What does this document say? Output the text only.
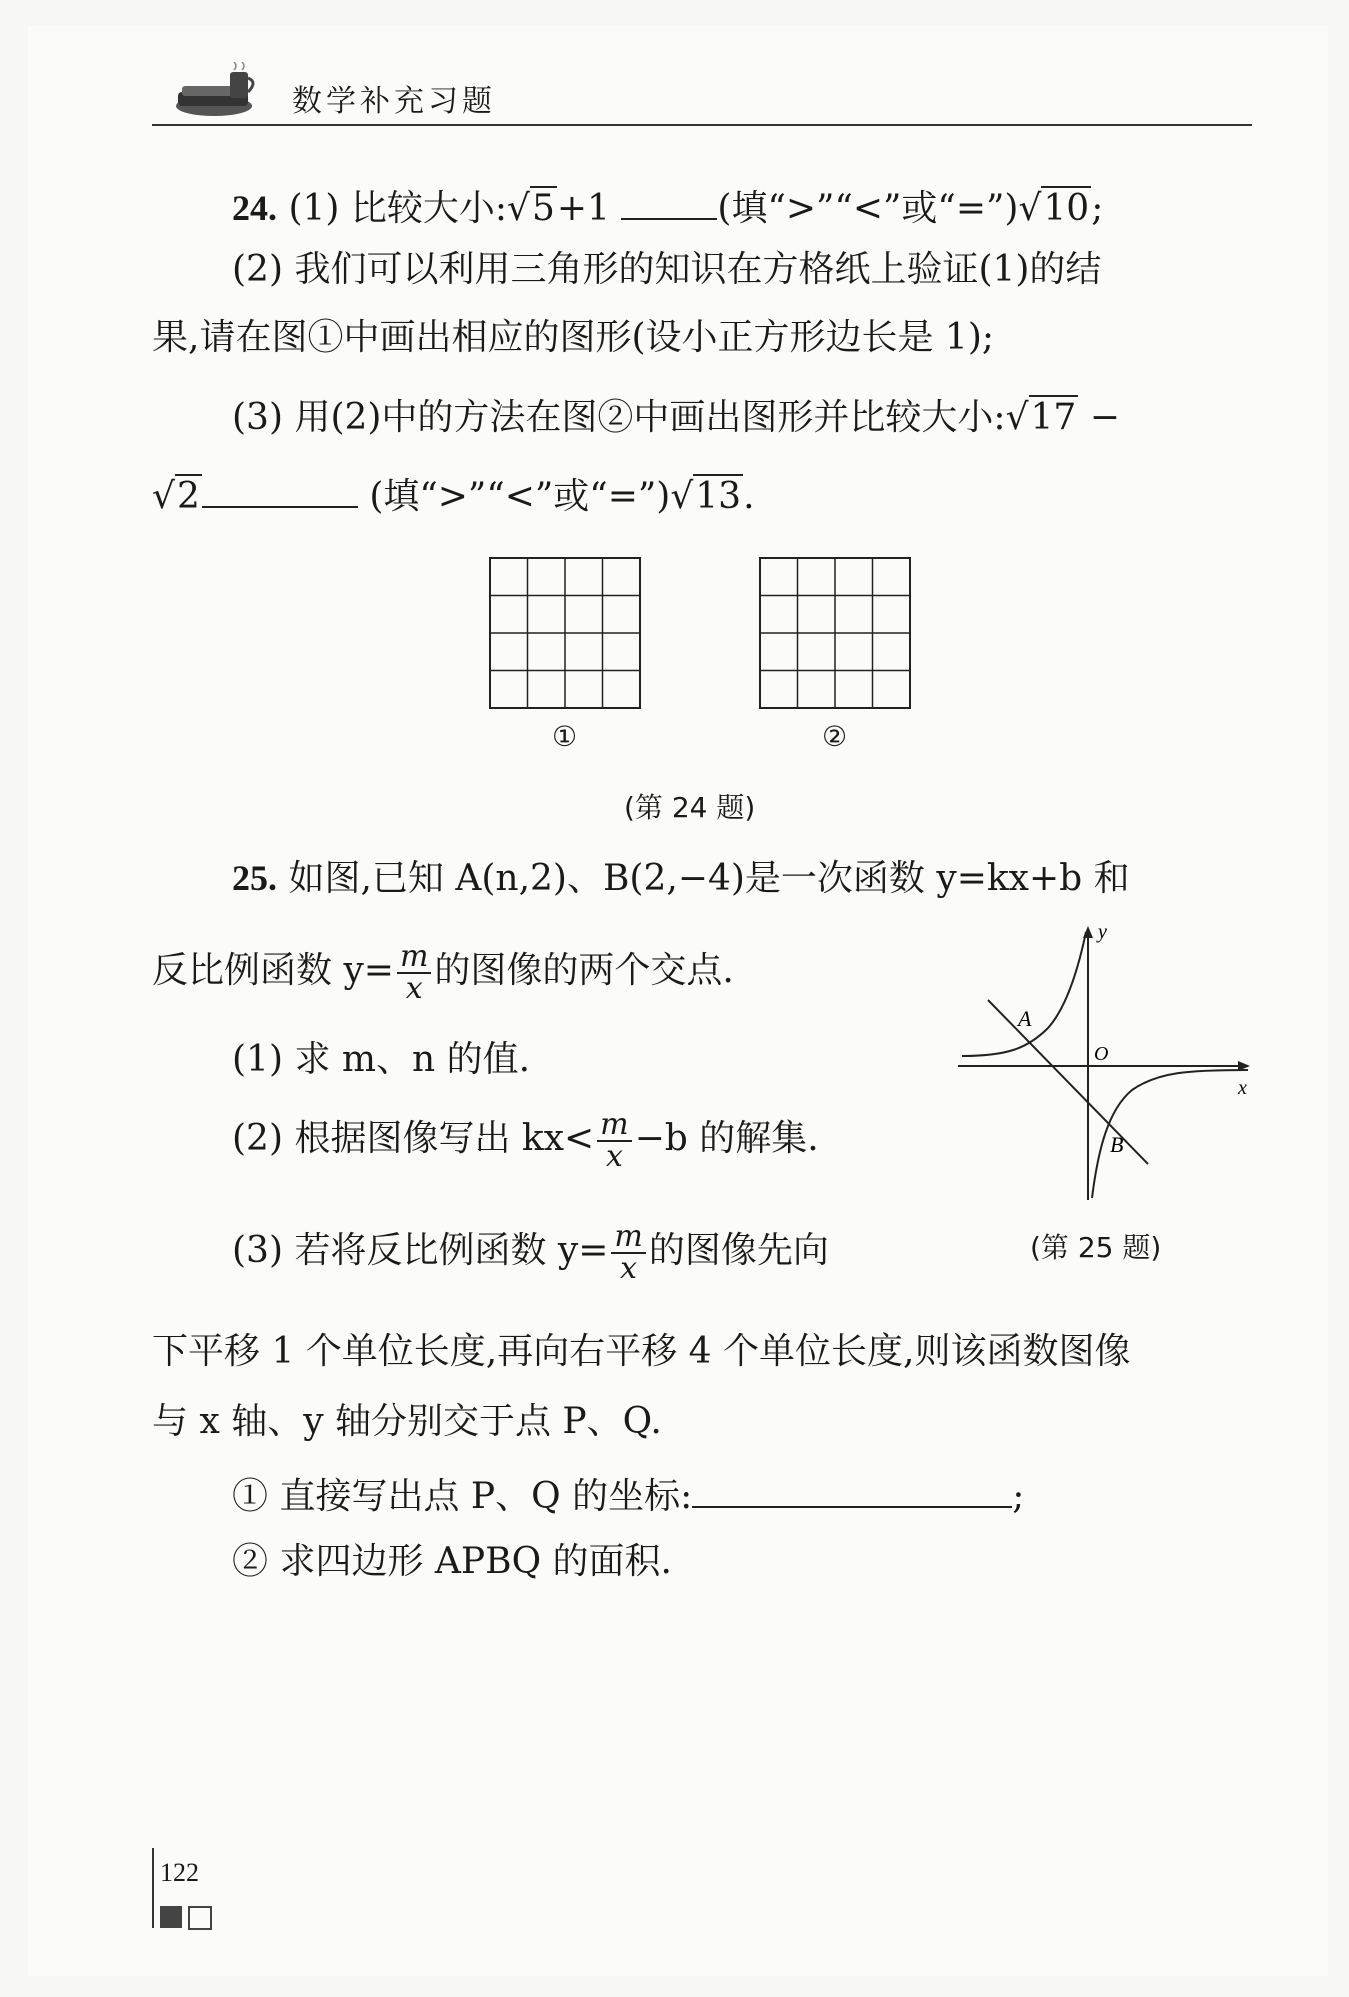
数学补充习题
24. (1) 比较大小:√5+1	(填“>”“<”或“=”)√10;
(2) 我们可以利用三角形的知识在方格纸上验证(1)的结
果,请在图①中画出相应的图形(设小正方形边长是 1);
(3) 用(2)中的方法在图②中画出图形并比较大小:√17 −
√2	(填“>”“<”或“=”)√13.
①	②
(第 24 题)
25. 如图,已知 A(n,2)、B(2,−4)是一次函数 y=kx+b 和
反比例函数 $y= \frac{m}{x}$ 的图像的两个交点.
(1) 求 m、n 的值.
(2) 根据图像写出 $kx< \frac{m}{x} -b$ 的解集.
(3) 若将反比例函数 $y= \frac{m}{x}$ 的图像先向
下平移 1 个单位长度,再向右平移 4 个单位长度,则该函数图像
与 x 轴、y 轴分别交于点 P、Q.
① 直接写出点 P、Q 的坐标:	;
② 求四边形 APBQ 的面积.
y
x
O
A
B
(第 25 题)
122
